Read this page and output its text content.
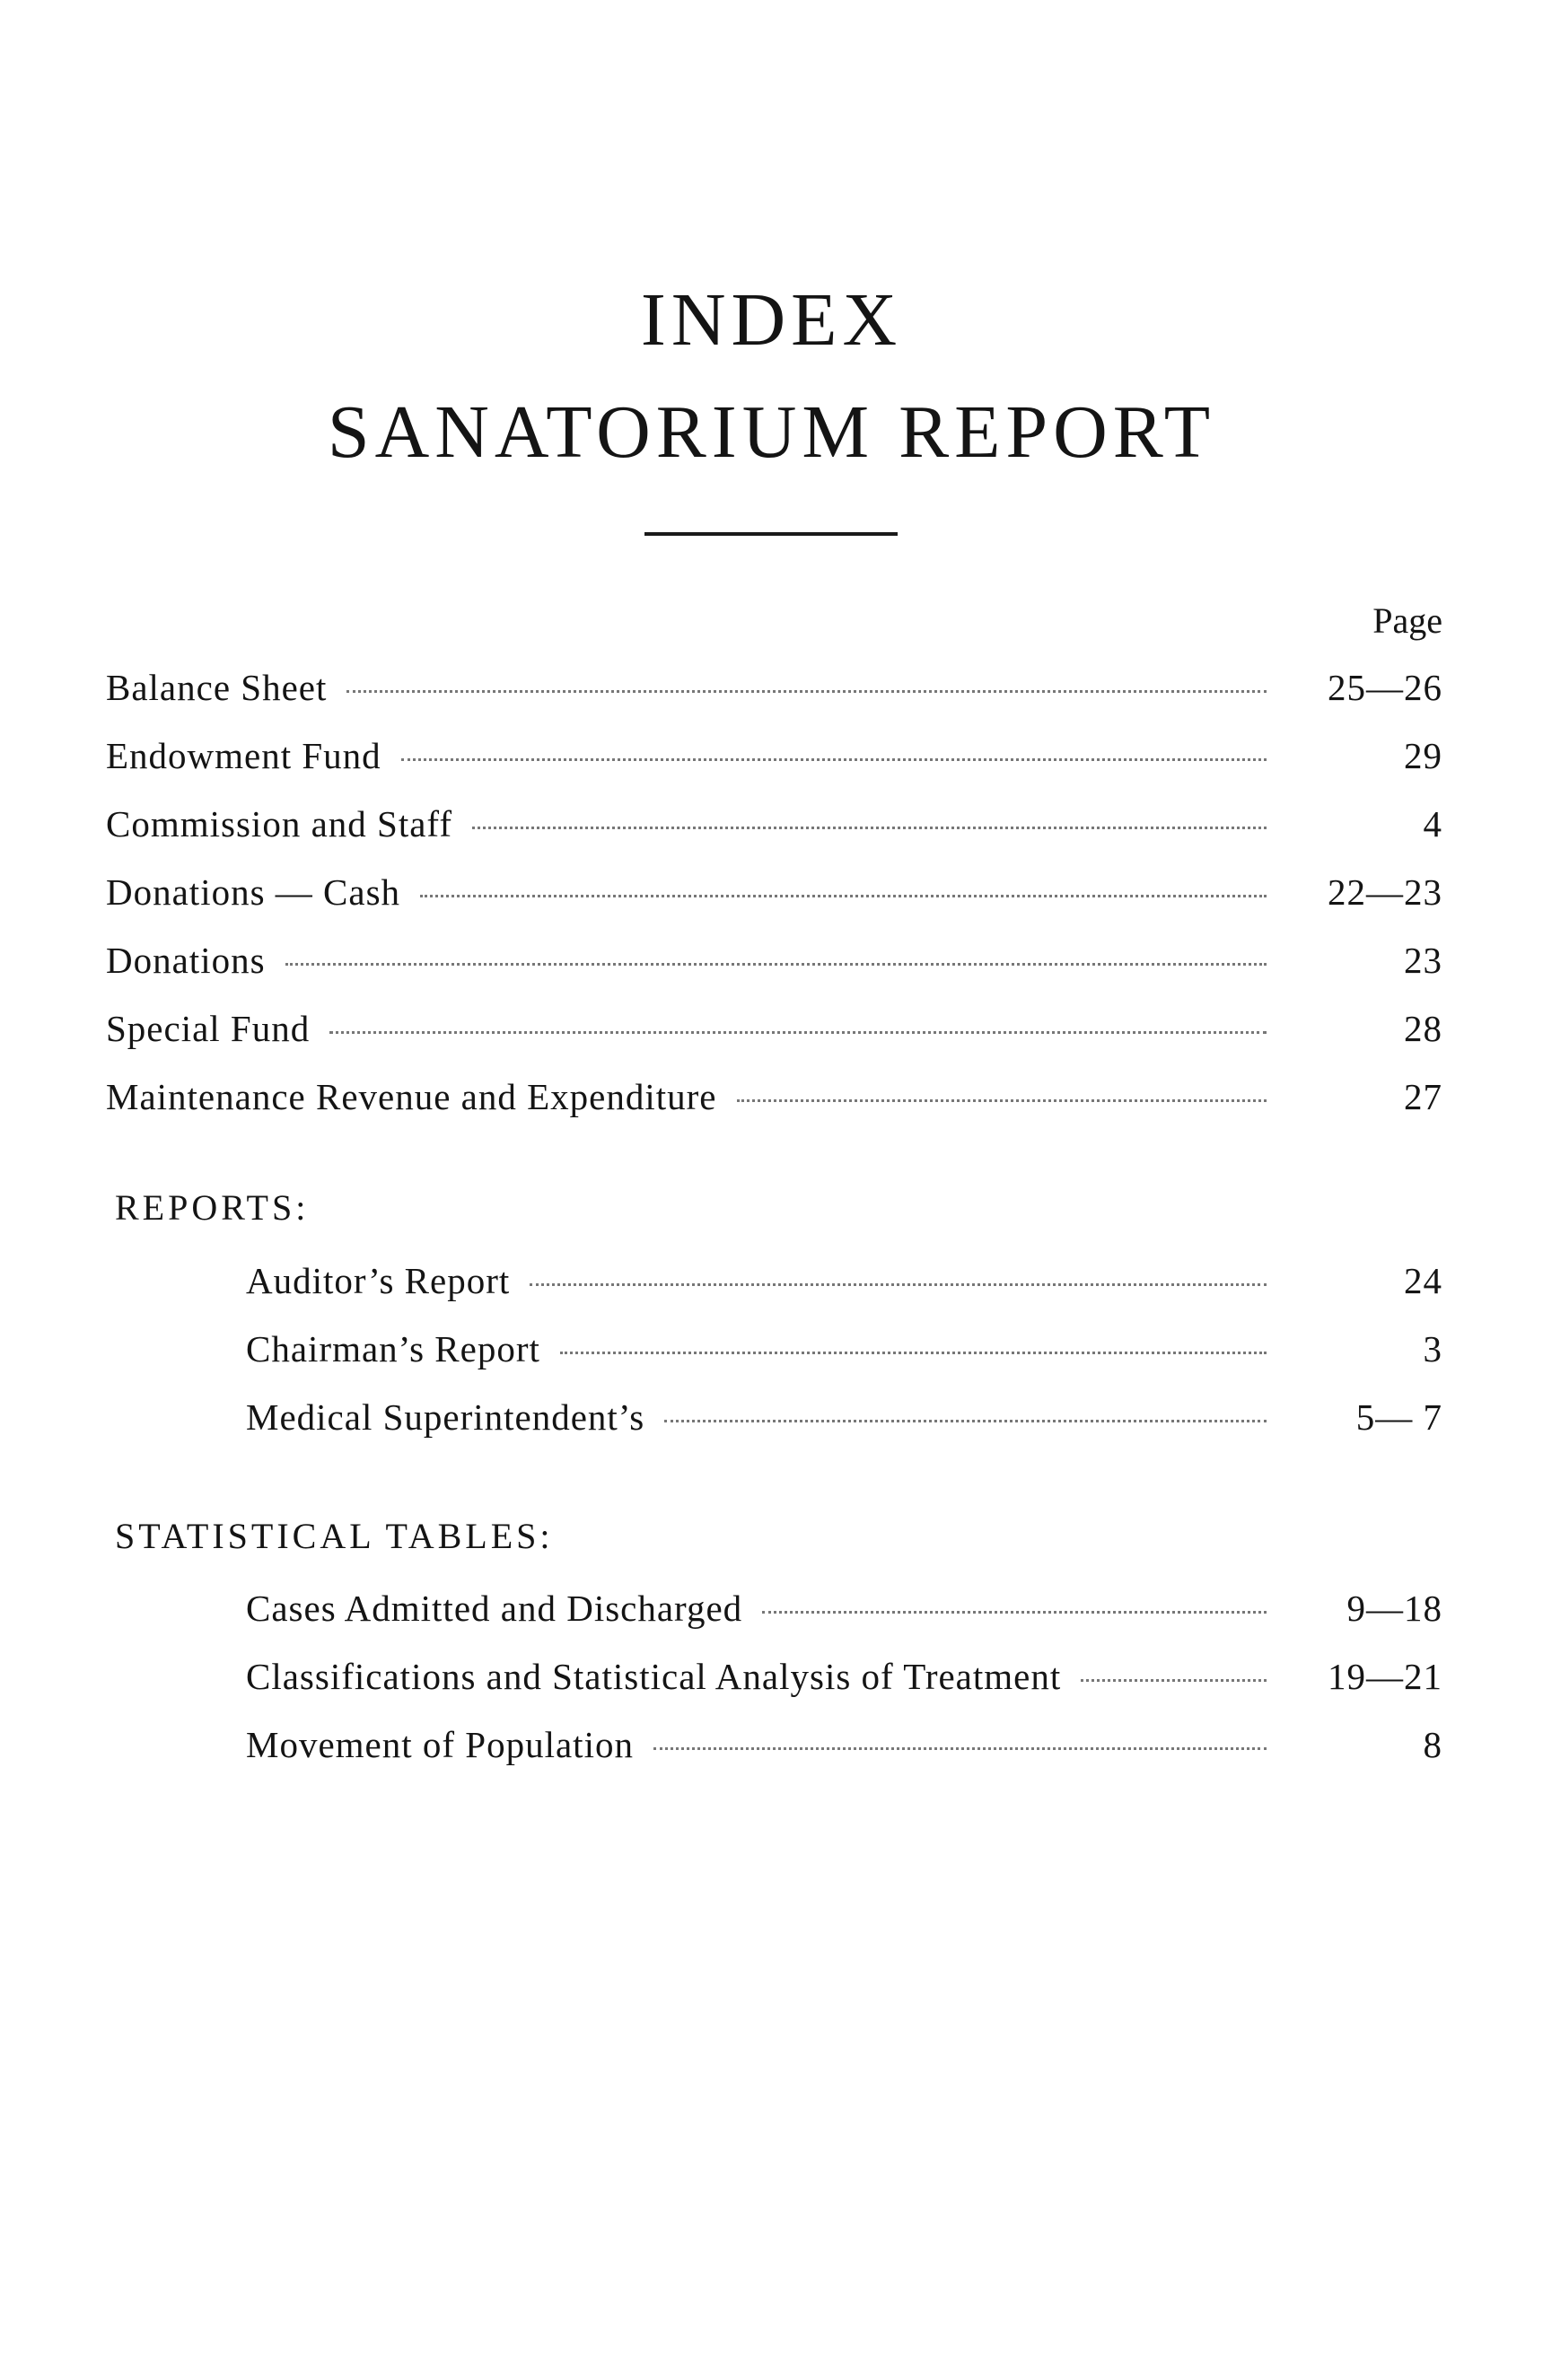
INDEX
SANATORIUM REPORT
Page
Balance Sheet	25—26
Endowment Fund	29
Commission and Staff	4
Donations — Cash	22—23
Donations	23
Special Fund	28
Maintenance Revenue and Expenditure	27
REPORTS:
Auditor’s Report	24
Chairman’s Report	3
Medical Superintendent’s	5— 7
STATISTICAL TABLES:
Cases Admitted and Discharged	9—18
Classifications and Statistical Analysis of Treatment	19—21
Movement of Population	8
